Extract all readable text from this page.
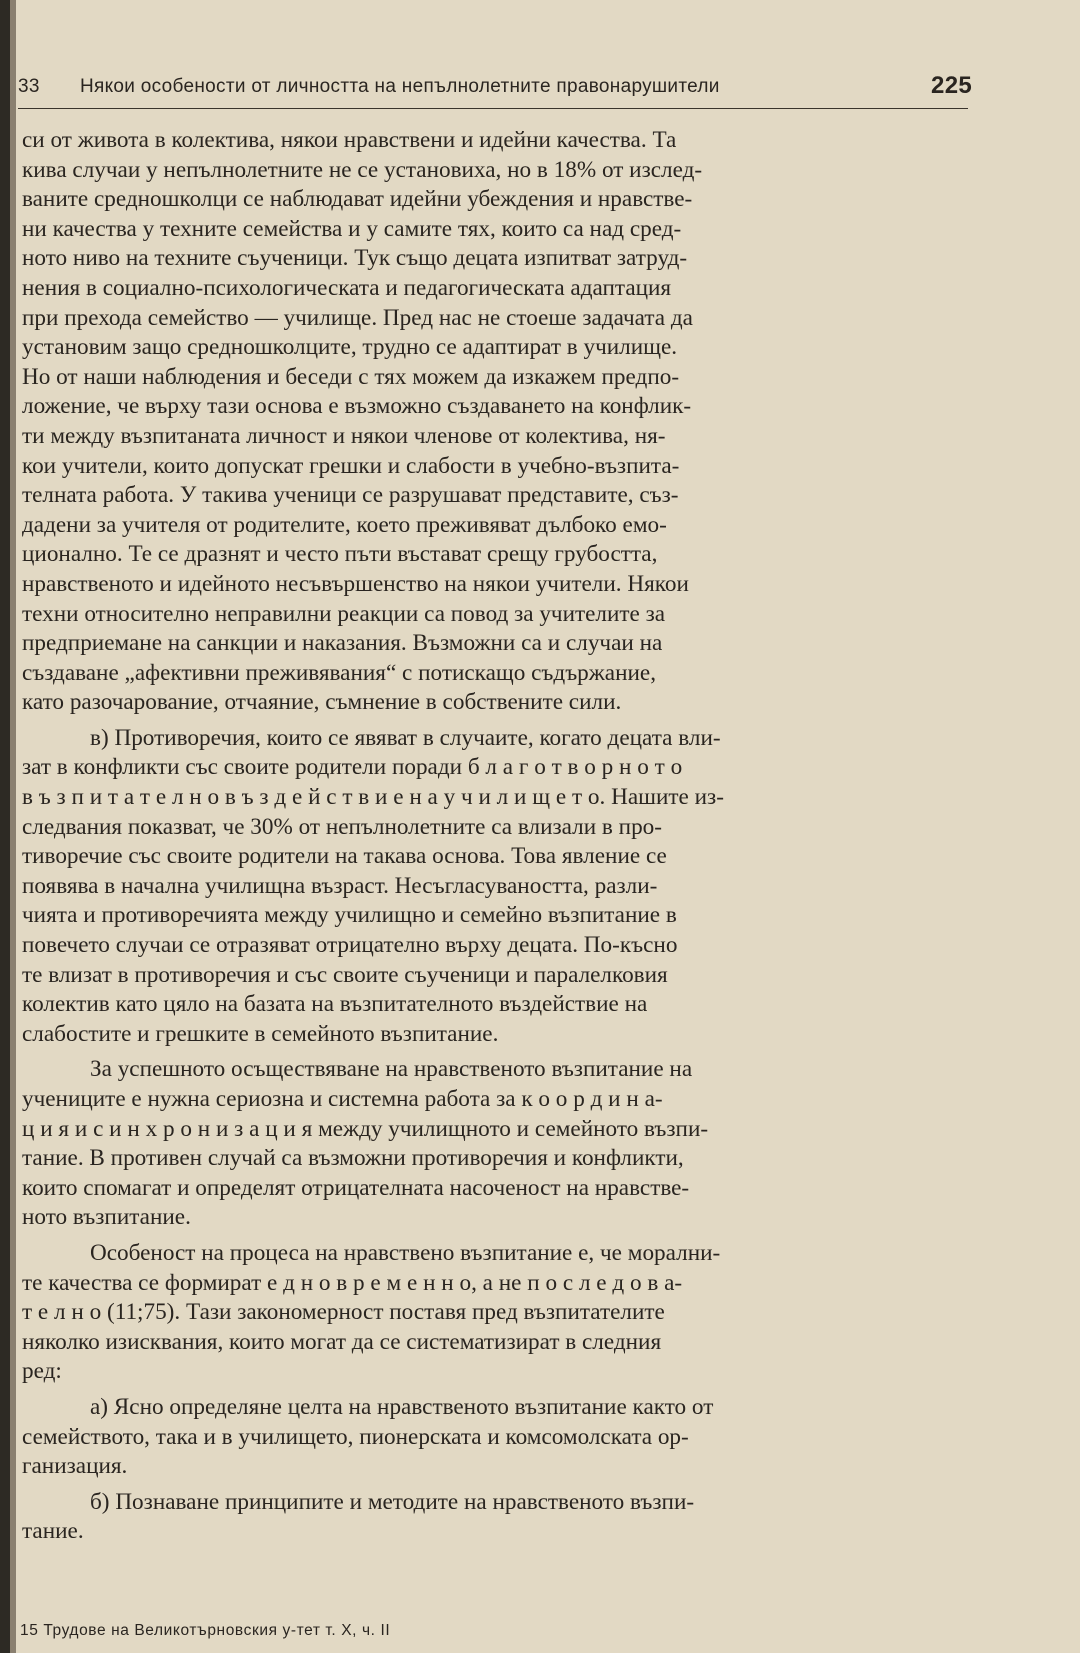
33 Някои особености от личността на непълнолетните правонарушители	225
си от живота в колектива, някои нравствени и идейни качества. Та
кива случаи у непълнолетните не се установиха, но в 18% от изслед-
ваните средношколци се наблюдават идейни убеждения и нравстве-
ни качества у техните семейства и у самите тях, които са над сред-
ното ниво на техните съученици. Тук също децата изпитват затруд-
нения в социално-психологическата и педагогическата адаптация
при прехода семейство — училище. Пред нас не стоеше задачата да
установим защо средношколците, трудно се адаптират в училище.
Но от наши наблюдения и беседи с тях можем да изкажем предпо-
ложение, че върху тази основа е възможно създаването на конфлик-
ти между възпитаната личност и някои членове от колектива, ня-
кои учители, които допускат грешки и слабости в учебно-възпита-
телната работа. У такива ученици се разрушават представите, съз-
дадени за учителя от родителите, което преживяват дълбоко емо-
ционално. Те се дразнят и често пъти въстават срещу грубостта,
нравственото и идейното несъвършенство на някои учители. Някои
техни относително неправилни реакции са повод за учителите за
предприемане на санкции и наказания. Възможни са и случаи на
създаване „афективни преживявания“ с потискащо съдържание,
като разочарование, отчаяние, съмнение в собствените сили.
в) Противоречия, които се явяват в случаите, когато децата вли-
зат в конфликти със своите родители поради б л а г о т в о р н о т о
в ъ з п и т а т е л н о в ъ з д е й с т в и е н а у ч и л и щ е т о. Нашите из-
следвания показват, че 30% от непълнолетните са влизали в про-
тиворечие със своите родители на такава основа. Това явление се
появява в начална училищна възраст. Несъгласуваността, разли-
чията и противоречията между училищно и семейно възпитание в
повечето случаи се отразяват отрицателно върху децата. По-късно
те влизат в противоречия и със своите съученици и паралелковия
колектив като цяло на базата на възпитателното въздействие на
слабостите и грешките в семейното възпитание.
За успешното осъществяване на нравственото възпитание на
учениците е нужна сериозна и системна работа за к о о р д и н а-
ц и я и с и н х р о н и з а ц и я между училищното и семейното възпи-
тание. В противен случай са възможни противоречия и конфликти,
които спомагат и определят отрицателната насоченост на нравстве-
ното възпитание.
Особеност на процеса на нравствено възпитание е, че морални-
те качества се формират е д н о в р е м е н н о, а не п о с л е д о в а-
т е л н о (11;75). Тази закономерност поставя пред възпитателите
няколко изисквания, които могат да се систематизират в следния
ред:
а) Ясно определяне целта на нравственото възпитание както от
семейството, така и в училището, пионерската и комсомолската ор-
ганизация.
б) Познаване принципите и методите на нравственото възпи-
тание.
15 Трудове на Великотърновския у-тет т. X, ч. II
